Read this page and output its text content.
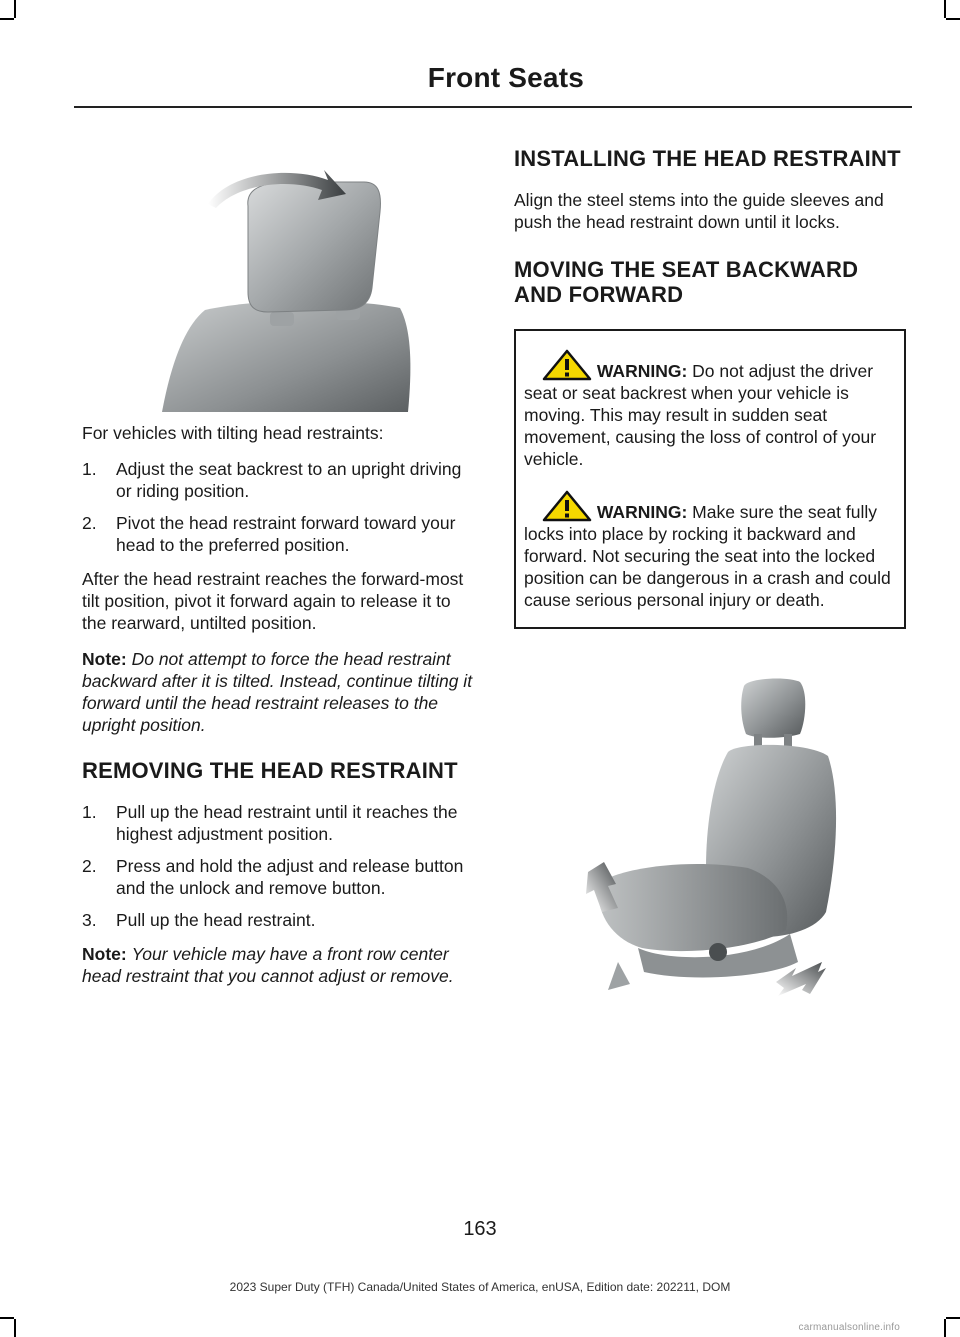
Front Seats

For vehicles with tilting head restraints:

1. Adjust the seat backrest to an upright driving or riding position.
2. Pivot the head restraint forward toward your head to the preferred position.

After the head restraint reaches the forward-most tilt position, pivot it forward again to release it to the rearward, untilted position.

Note: Do not attempt to force the head restraint backward after it is tilted. Instead, continue tilting it forward until the head restraint releases to the upright position.

REMOVING THE HEAD RESTRAINT
1. Pull up the head restraint until it reaches the highest adjustment position.
2. Press and hold the adjust and release button and the unlock and remove button.
3. Pull up the head restraint.

Note: Your vehicle may have a front row center head restraint that you cannot adjust or remove.

INSTALLING THE HEAD RESTRAINT

Align the steel stems into the guide sleeves and push the head restraint down until it locks.

MOVING THE SEAT BACKWARD AND FORWARD

WARNING: Do not adjust the driver seat or seat backrest when your vehicle is moving. This may result in sudden seat movement, causing the loss of control of your vehicle.

WARNING: Make sure the seat fully locks into place by rocking it backward and forward. Not securing the seat into the locked position can be dangerous in a crash and could cause serious personal injury or death.

163
2023 Super Duty (TFH) Canada/United States of America, enUSA, Edition date: 202211, DOM
carmanualsonline.info
